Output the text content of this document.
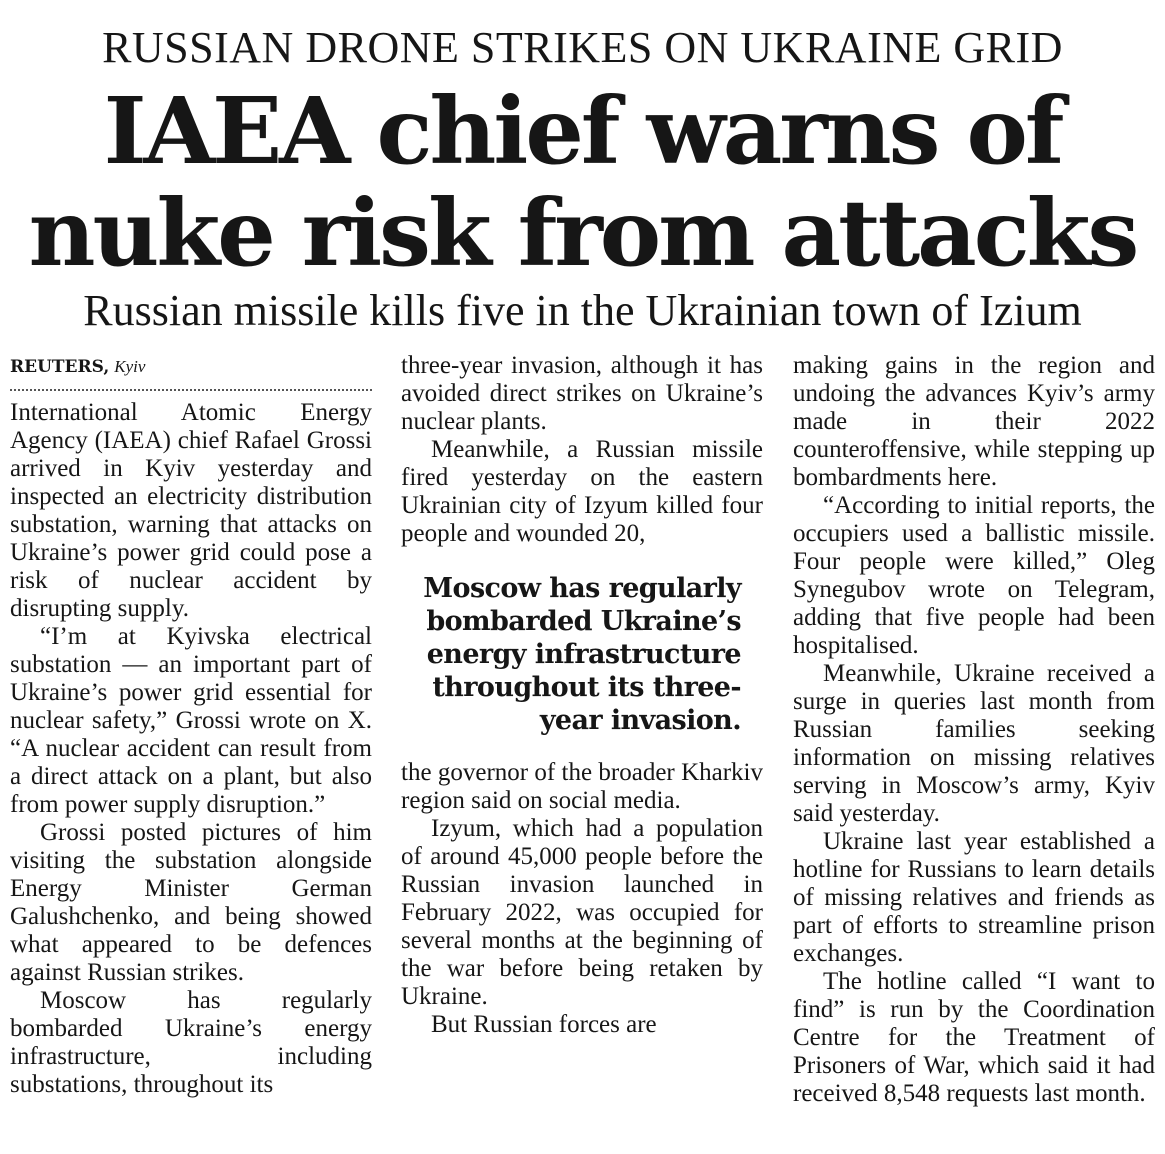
RUSSIAN DRONE STRIKES ON UKRAINE GRID
IAEA chief warns of
nuke risk from attacks
Russian missile kills five in the Ukrainian town of Izium
REUTERS, Kyiv

International Atomic Energy Agency (IAEA) chief Rafael Grossi arrived in Kyiv yesterday and inspected an electricity distribution substation, warning that attacks on Ukraine’s power grid could pose a risk of nuclear accident by disrupting supply.

“I’m at Kyivska electrical substation — an important part of Ukraine’s power grid essential for nuclear safety,” Grossi wrote on X. “A nuclear accident can result from a direct attack on a plant, but also from power supply disruption.”

Grossi posted pictures of him visiting the substation alongside Energy Minister German Galushchenko, and being showed what appeared to be defences against Russian strikes.

Moscow has regularly bombarded Ukraine’s energy infrastructure, including substations, throughout its

three-year invasion, although it has avoided direct strikes on Ukraine’s nuclear plants.

Meanwhile, a Russian missile fired yesterday on the eastern Ukrainian city of Izyum killed four people and wounded 20,

Moscow has regularly bombarded Ukraine’s energy infrastructure throughout its three-year invasion.

the governor of the broader Kharkiv region said on social media.

Izyum, which had a population of around 45,000 people before the Russian invasion launched in February 2022, was occupied for several months at the beginning of the war before being retaken by Ukraine.

But Russian forces are

making gains in the region and undoing the advances Kyiv’s army made in their 2022 counteroffensive, while stepping up bombardments here.

“According to initial reports, the occupiers used a ballistic missile. Four people were killed,” Oleg Synegubov wrote on Telegram, adding that five people had been hospitalised.

Meanwhile, Ukraine received a surge in queries last month from Russian families seeking information on missing relatives serving in Moscow’s army, Kyiv said yesterday.

Ukraine last year established a hotline for Russians to learn details of missing relatives and friends as part of efforts to streamline prison exchanges.

The hotline called “I want to find” is run by the Coordination Centre for the Treatment of Prisoners of War, which said it had received 8,548 requests last month.
